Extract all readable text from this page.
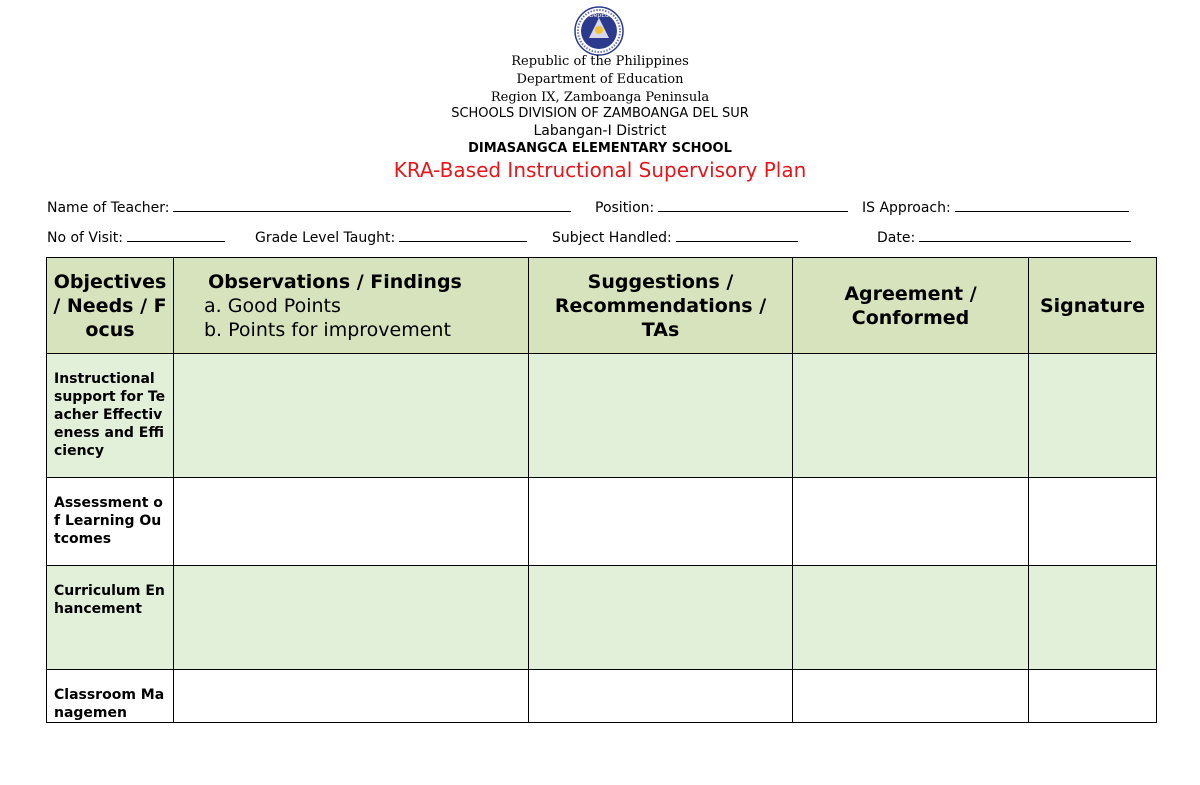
DepEd
Republic of the Philippines
Department of Education
Region IX, Zamboanga Peninsula
SCHOOLS DIVISION OF ZAMBOANGA DEL SUR
Labangan-I District
DIMASANGCA ELEMENTARY SCHOOL
KRA-Based Instructional Supervisory Plan
Name of Teacher:	Position:	IS Approach:
No of Visit:	Grade Level Taught:	Subject Handled:	Date:
Objectives / Needs / Focus	Observations / Findings
a. Good Points
b. Points for improvement	Suggestions / Recommendations / TAs	Agreement / Conformed	Signature
Instructional support for Teacher Effectiveness and Efficiency				
Assessment of Learning Outcomes				
Curriculum Enhancement				

Classroom Managemen				
